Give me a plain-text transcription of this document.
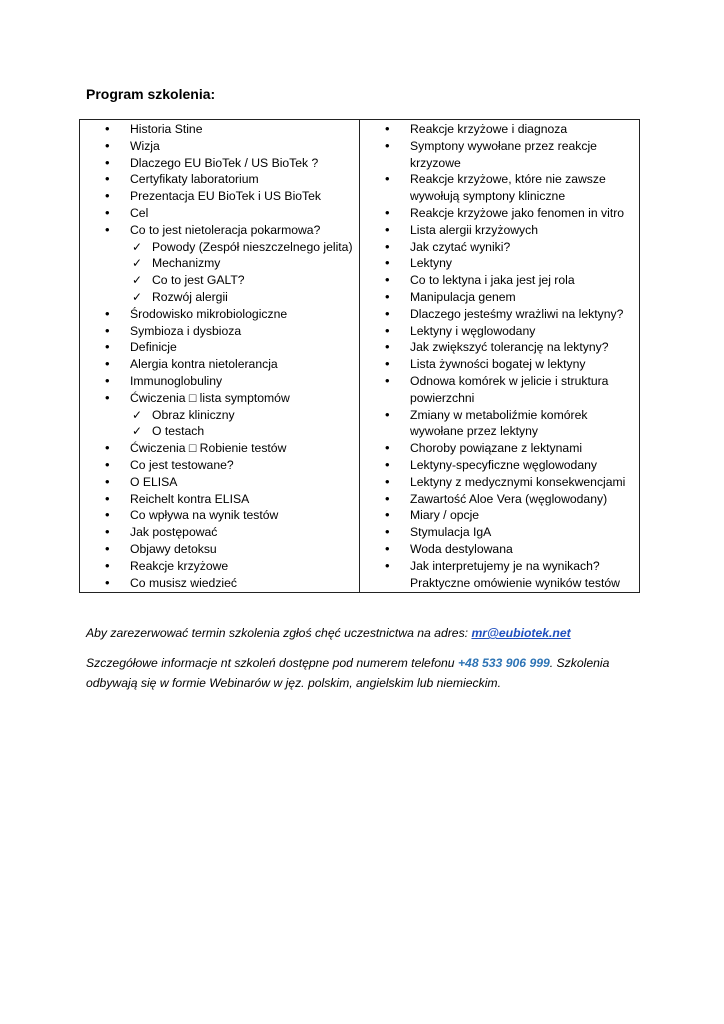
Program szkolenia:
• Historia Stine
• Wizja
• Dlaczego EU BioTek / US BioTek ?
• Certyfikaty laboratorium
• Prezentacja EU BioTek i US BioTek
• Cel
• Co to jest nietoleracja pokarmowa?
✓ Powody (Zespół nieszczelnego jelita)
✓ Mechanizmy
✓ Co to jest GALT?
✓ Rozwój alergii
• Środowisko mikrobiologiczne
• Symbioza i dysbioza
• Definicje
• Alergia kontra nietolerancja
• Immunoglobuliny
• Ćwiczenia □ lista symptomów
✓ Obraz kliniczny
✓ O testach
• Ćwiczenia □ Robienie testów
• Co jest testowane?
• O ELISA
• Reichelt kontra ELISA
• Co wpływa na wynik testów
• Jak postępować
• Objawy detoksu
• Reakcje krzyżowe
• Co musisz wiedzieć
• Reakcje krzyżowe i diagnoza
• Symptony wywołane przez reakcje krzyzowe
• Reakcje krzyżowe, które nie zawsze wywołują symptony kliniczne
• Reakcje krzyżowe jako fenomen in vitro
• Lista alergii krzyżowych
• Jak czytać wyniki?
• Lektyny
• Co to lektyna i jaka jest jej rola
• Manipulacja genem
• Dlaczego jesteśmy wrażliwi na lektyny?
• Lektyny i węglowodany
• Jak zwiększyć tolerancję na lektyny?
• Lista żywności bogatej w lektyny
• Odnowa komórek w jelicie i struktura powierzchni
• Zmiany w metaboliźmie komórek wywołane przez lektyny
• Choroby powiązane z lektynami
• Lektyny-specyficzne węglowodany
• Lektyny z medycznymi konsekwencjami
• Zawartość Aloe Vera (węglowodany)
• Miary / opcje
• Stymulacja IgA
• Woda destylowana
• Jak interpretujemy je na wynikach? Praktyczne omówienie wyników testów
Aby zarezerwować termin szkolenia zgłoś chęć uczestnictwa na adres: mr@eubiotek.net
Szczegółowe informacje nt szkoleń dostępne pod numerem telefonu +48 533 906 999. Szkolenia odbywają się w formie Webinarów w jęz. polskim, angielskim lub niemieckim.
